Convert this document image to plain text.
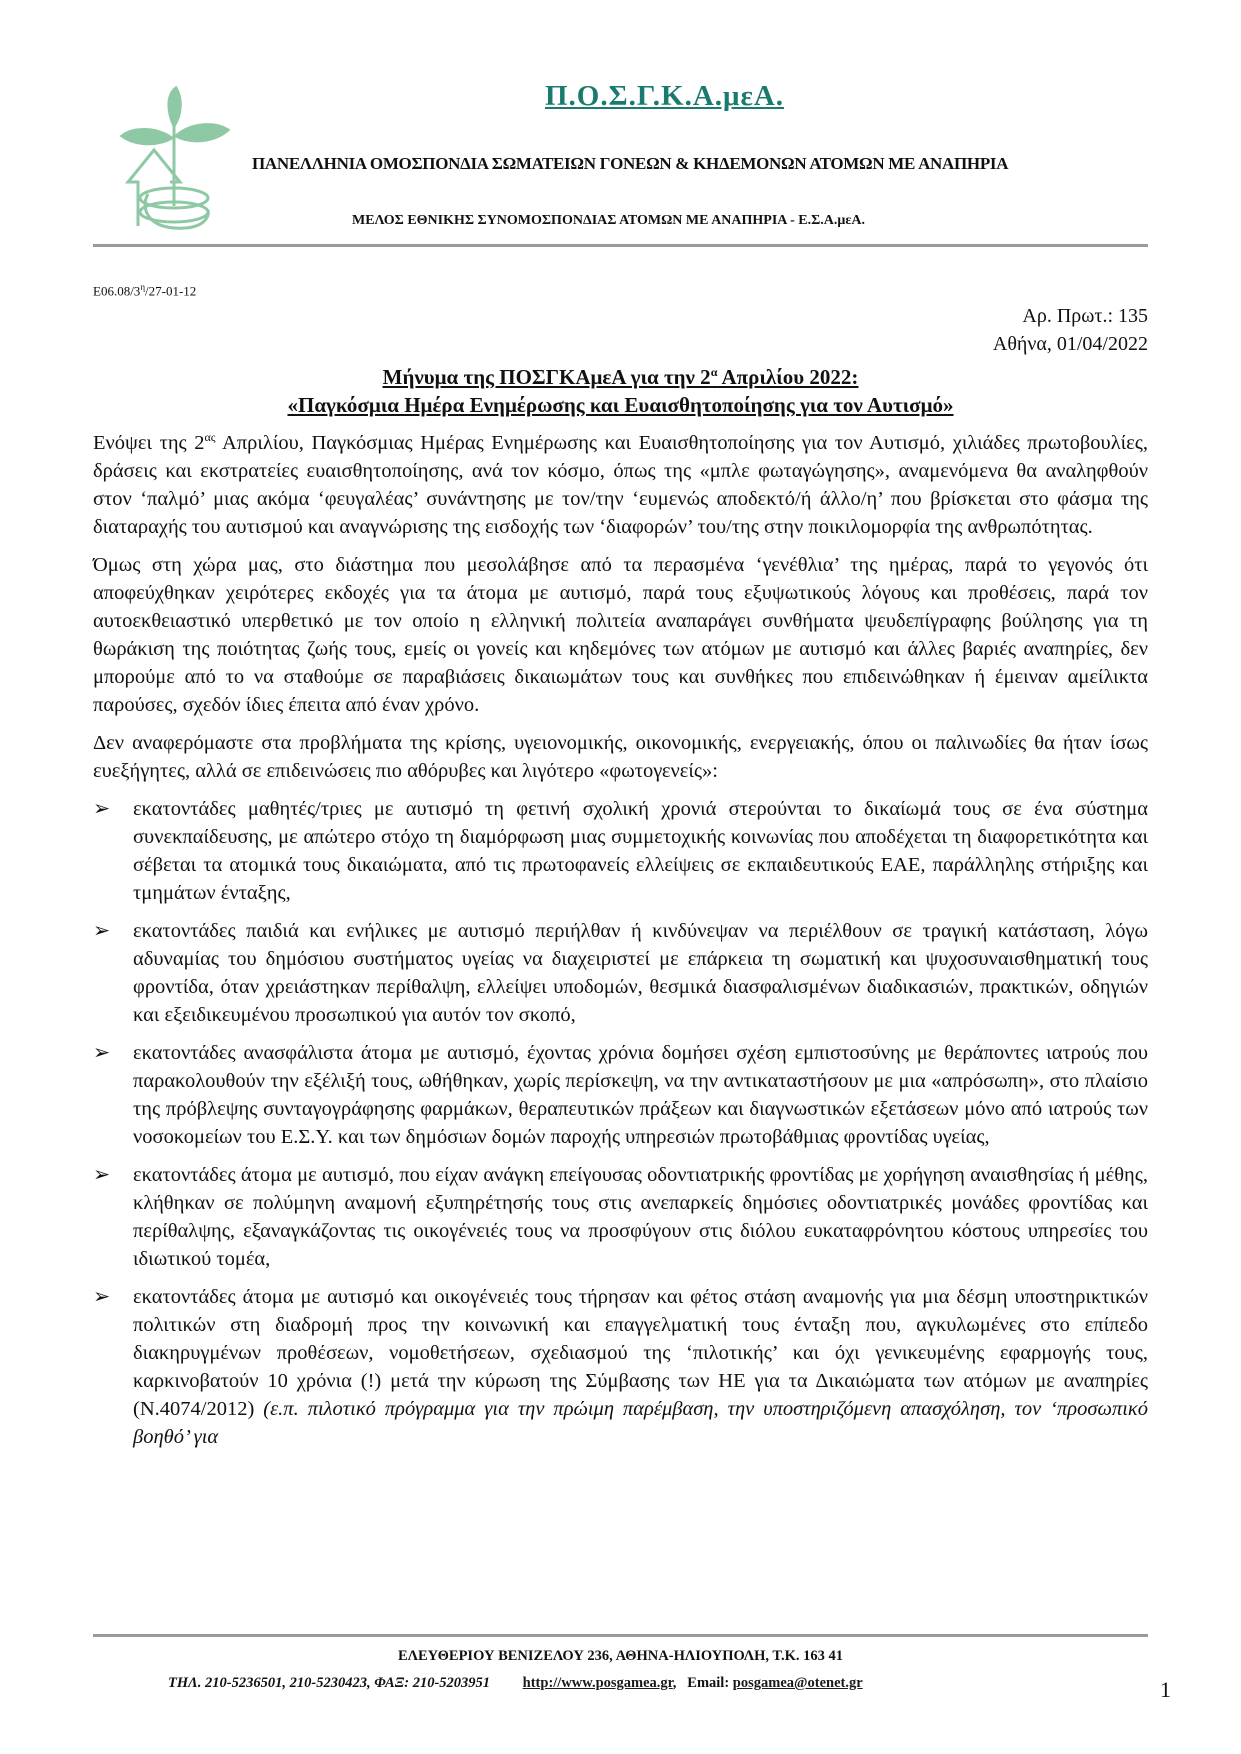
Π.Ο.Σ.Γ.Κ.Α.μεΑ.
ΠΑΝΕΛΛΗΝΙΑ ΟΜΟΣΠΟΝΔΙΑ ΣΩΜΑΤΕΙΩΝ ΓΟΝΕΩΝ & ΚΗΔΕΜΟΝΩΝ ΑΤΟΜΩΝ ΜΕ ΑΝΑΠΗΡΙΑ
ΜΕΛΟΣ ΕΘΝΙΚΗΣ ΣΥΝΟΜΟΣΠΟΝΔΙΑΣ ΑΤΟΜΩΝ ΜΕ ΑΝΑΠΗΡΙΑ - Ε.Σ.Α.μεΑ.
$E06.08/3^\eta/27-01-12$
Αρ. Πρωτ.: 135
Αθήνα, 01/04/2022
Μήνυμα της ΠΟΣΓΚΑμεΑ για την $2^\alpha$ Απριλίου 2022:
«Παγκόσμια Ημέρα Ενημέρωσης και Ευαισθητοποίησης για τον Αυτισμό»

Ενόψει της $2^{\alpha\varsigma}$ Απριλίου, Παγκόσμιας Ημέρας Ενημέρωσης και Ευαισθητοποίησης για τον Αυτισμό, χιλιάδες πρωτοβουλίες, δράσεις και εκστρατείες ευαισθητοποίησης, ανά τον κόσμο, όπως της «μπλε φωταγώγησης», αναμενόμενα θα αναληφθούν στον ‘παλμό’ μιας ακόμα ‘φευγαλέας’ συνάντησης με τον/την ‘ευμενώς αποδεκτό/ή άλλο/η’ που βρίσκεται στο φάσμα της διαταραχής του αυτισμού και αναγνώρισης της εισδοχής των ‘διαφορών’ του/της στην ποικιλομορφία της ανθρωπότητας.

Όμως στη χώρα μας, στο διάστημα που μεσολάβησε από τα περασμένα ‘γενέθλια’ της ημέρας, παρά το γεγονός ότι αποφεύχθηκαν χειρότερες εκδοχές για τα άτομα με αυτισμό, παρά τους εξυψωτικούς λόγους και προθέσεις, παρά τον αυτοεκθειαστικό υπερθετικό με τον οποίο η ελληνική πολιτεία αναπαράγει συνθήματα ψευδεπίγραφης βούλησης για τη θωράκιση της ποιότητας ζωής τους, εμείς οι γονείς και κηδεμόνες των ατόμων με αυτισμό και άλλες βαριές αναπηρίες, δεν μπορούμε από το να σταθούμε σε παραβιάσεις δικαιωμάτων τους και συνθήκες που επιδεινώθηκαν ή έμειναν αμείλικτα παρούσες, σχεδόν ίδιες έπειτα από έναν χρόνο.

Δεν αναφερόμαστε στα προβλήματα της κρίσης, υγειονομικής, οικονομικής, ενεργειακής, όπου οι παλινωδίες θα ήταν ίσως ευεξήγητες, αλλά σε επιδεινώσεις πιο αθόρυβες και λιγότερο «φωτογενείς»:

➢ εκατοντάδες μαθητές/τριες με αυτισμό τη φετινή σχολική χρονιά στερούνται το δικαίωμά τους σε ένα σύστημα συνεκπαίδευσης, με απώτερο στόχο τη διαμόρφωση μιας συμμετοχικής κοινωνίας που αποδέχεται τη διαφορετικότητα και σέβεται τα ατομικά τους δικαιώματα, από τις πρωτοφανείς ελλείψεις σε εκπαιδευτικούς ΕΑΕ, παράλληλης στήριξης και τμημάτων ένταξης,
➢ εκατοντάδες παιδιά και ενήλικες με αυτισμό περιήλθαν ή κινδύνεψαν να περιέλθουν σε τραγική κατάσταση, λόγω αδυναμίας του δημόσιου συστήματος υγείας να διαχειριστεί με επάρκεια τη σωματική και ψυχοσυναισθηματική τους φροντίδα, όταν χρειάστηκαν περίθαλψη, ελλείψει υποδομών, θεσμικά διασφαλισμένων διαδικασιών, πρακτικών, οδηγιών και εξειδικευμένου προσωπικού για αυτόν τον σκοπό,
➢ εκατοντάδες ανασφάλιστα άτομα με αυτισμό, έχοντας χρόνια δομήσει σχέση εμπιστοσύνης με θεράποντες ιατρούς που παρακολουθούν την εξέλιξή τους, ωθήθηκαν, χωρίς περίσκεψη, να την αντικαταστήσουν με μια «απρόσωπη», στο πλαίσιο της πρόβλεψης συνταγογράφησης φαρμάκων, θεραπευτικών πράξεων και διαγνωστικών εξετάσεων μόνο από ιατρούς των νοσοκομείων του Ε.Σ.Υ. και των δημόσιων δομών παροχής υπηρεσιών πρωτοβάθμιας φροντίδας υγείας,
➢ εκατοντάδες άτομα με αυτισμό, που είχαν ανάγκη επείγουσας οδοντιατρικής φροντίδας με χορήγηση αναισθησίας ή μέθης, κλήθηκαν σε πολύμηνη αναμονή εξυπηρέτησής τους στις ανεπαρκείς δημόσιες οδοντιατρικές μονάδες φροντίδας και περίθαλψης, εξαναγκάζοντας τις οικογένειές τους να προσφύγουν στις διόλου ευκαταφρόνητου κόστους υπηρεσίες του ιδιωτικού τομέα,
➢ εκατοντάδες άτομα με αυτισμό και οικογένειές τους τήρησαν και φέτος στάση αναμονής για μια δέσμη υποστηρικτικών πολιτικών στη διαδρομή προς την κοινωνική και επαγγελματική τους ένταξη που, αγκυλωμένες στο επίπεδο διακηρυγμένων προθέσεων, νομοθετήσεων, σχεδιασμού της ‘πιλοτικής’ και όχι γενικευμένης εφαρμογής τους, καρκινοβατούν 10 χρόνια (!) μετά την κύρωση της Σύμβασης των ΗΕ για τα Δικαιώματα των ατόμων με αναπηρίες (Ν.4074/2012) (ε.π. πιλοτικό πρόγραμμα για την πρώιμη παρέμβαση, την υποστηριζόμενη απασχόληση, τον ‘προσωπικό βοηθό’ για
ΕΛΕΥΘΕΡΙΟΥ ΒΕΝΙΖΕΛΟΥ 236, ΑΘΗΝΑ-ΗΛΙΟΥΠΟΛΗ, Τ.Κ. 163 41
ΤΗΛ. 210-5236501, 210-5230423, ΦΑΞ: 210-5203951 http://www.posgamea.gr,   Email: posgamea@otenet.gr	1
